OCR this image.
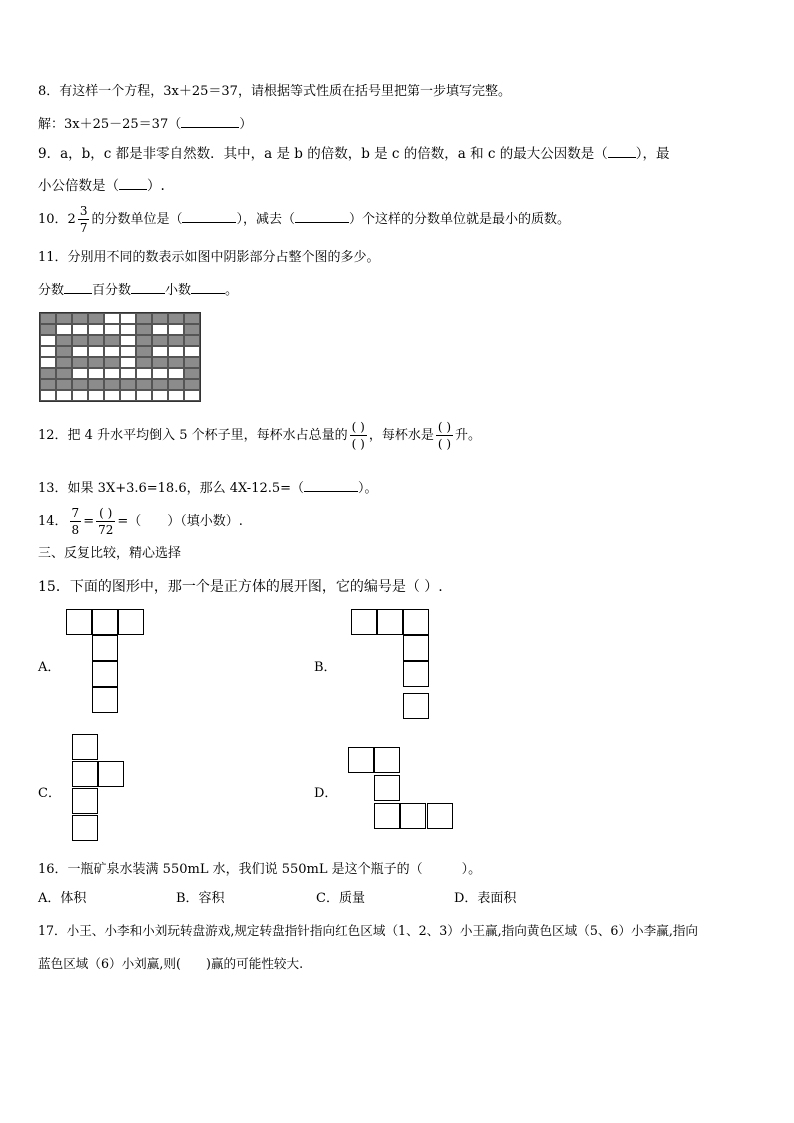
8．有这样一个方程，3x＋25＝37，请根据等式性质在括号里把第一步填写完整。
解：3x＋25－25＝37（	）
9．a，b，c 都是非零自然数．其中，a 是 b 的倍数，b 是 c 的倍数，a 和 c 的最大公因数是（ ），最
小公倍数是（ ）.
10．$2 \frac{3}{7}$ 的分数单位是（	），减去（	）个这样的分数单位就是最小的质数。
11．分别用不同的数表示如图中阴影部分占整个图的多少。
分数 百分数	小数	。
12．把 4 升水平均倒入 5 个杯子里，每杯水占总量的 $\frac{( )}{( )}$ ，每杯水是 $\frac{( )}{( )}$ 升。
13．如果 3X+3.6=18.6，那么 4X-12.5=（	）。
14． $\frac{7}{8} = \frac{( )}{72}$ =（　　）（填小数）.
三、反复比较，精心选择
15．下面的图形中，那一个是正方体的展开图，它的编号是（ ）.
A．	B．
C．	D．
16．一瓶矿泉水装满 550mL 水，我们说 550mL 是这个瓶子的（　　　）。
A．体积	B．容积	C．质量	D．表面积
17．小王、小李和小刘玩转盘游戏,规定转盘指针指向红色区域（1、2、3）小王赢,指向黄色区域（5、6）小李赢,指向
蓝色区域（6）小刘赢,则(　　)赢的可能性较大.
